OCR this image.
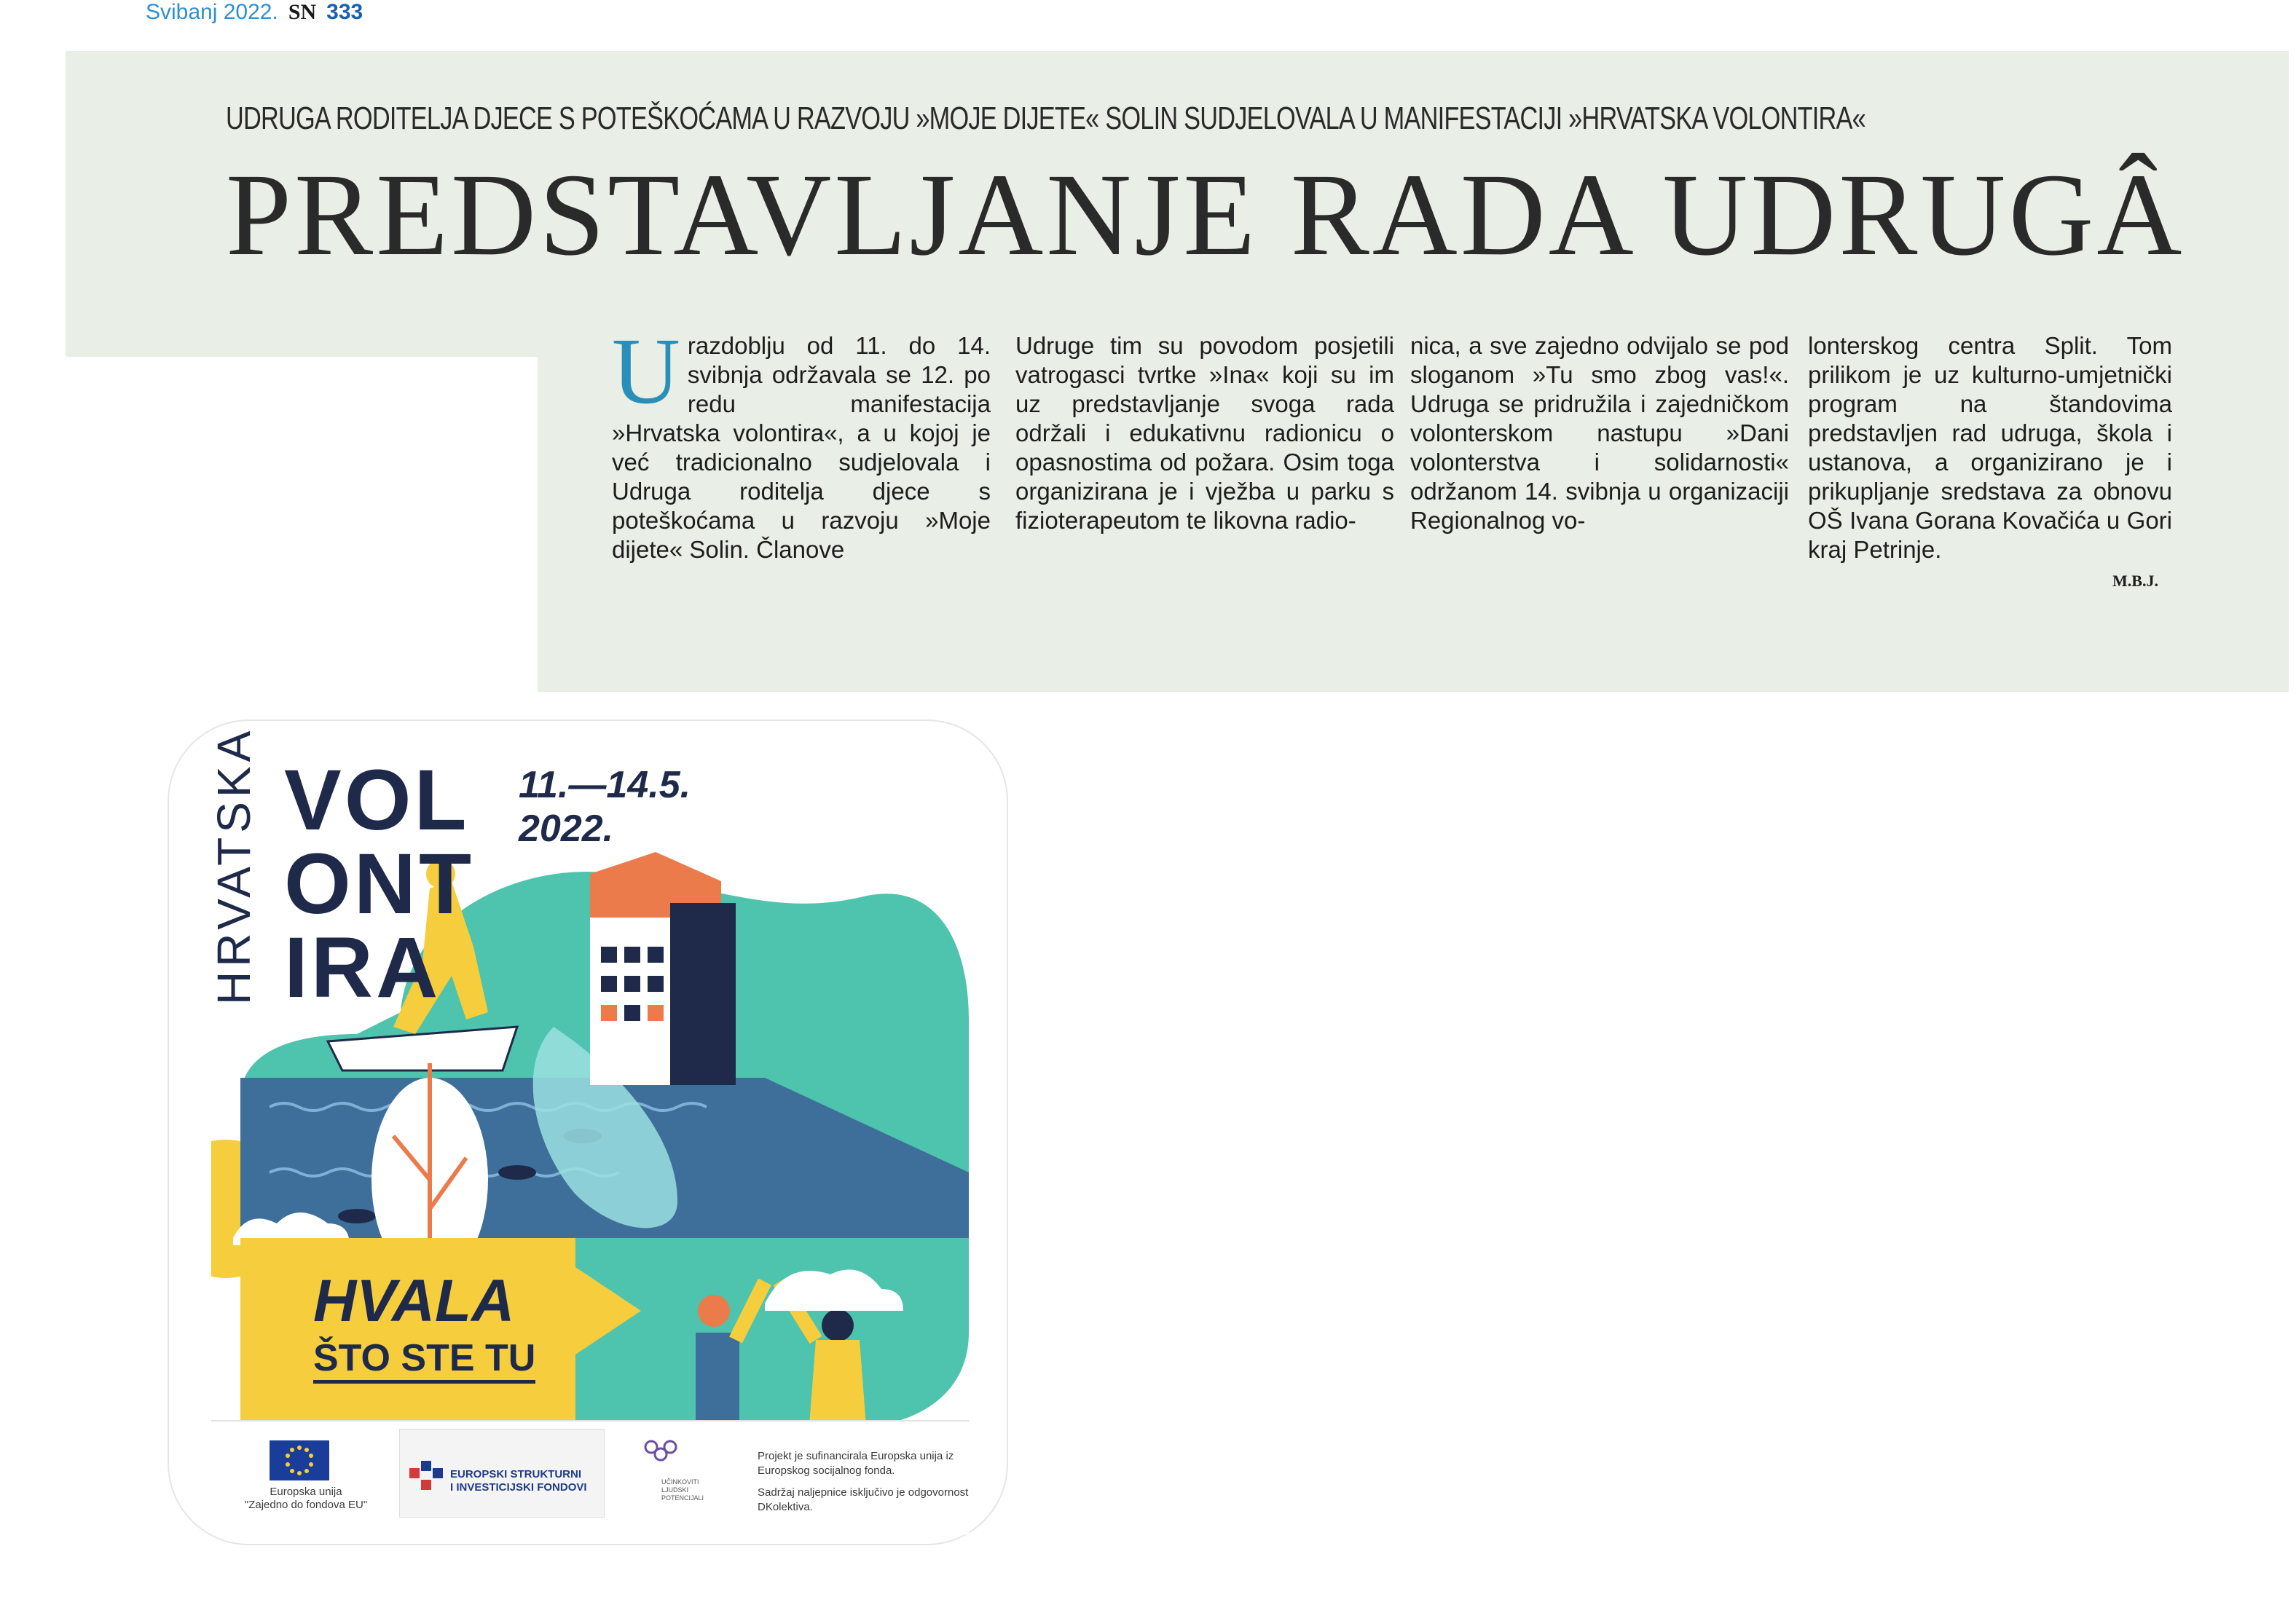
Svibanj 2022. SN 333
UDRUGA RODITELJA DJECE S POTEŠKOĆAMA U RAZVOJU »MOJE DIJETE« SOLIN SUDJELOVALA U MANIFESTACIJI »HRVATSKA VOLONTIRA«
PREDSTAVLJANJE RADA UDRUGÂ
U razdoblju od 11. do 14. svibnja održavala se 12. po redu manifestacija »Hrvatska volontira«, a u kojoj je već tradicionalno sudjelovala i Udruga roditelja djece s poteškoćama u razvoju »Moje dijete« Solin. Članove
Udruge tim su povodom posjetili vatrogasci tvrtke »Ina« koji su im uz predstavljanje svoga rada održali i edukativnu radionicu o opasnostima od požara. Osim toga organizirana je i vježba u parku s fizioterapeutom te likovna radio-
nica, a sve zajedno odvijalo se pod sloganom »Tu smo zbog vas!«. Udruga se pridružila i zajedničkom volonterskom nastupu »Dani volonterstva i solidarnosti« održanom 14. svibnja u organizaciji Regionalnog vo-
lonterskog centra Split. Tom prilikom je uz kulturno-umjetnički program na štandovima predstavljen rad udruga, škola i ustanova, a organizirano je i prikupljanje sredstava za obnovu OŠ Ivana Gorana Kovačića u Gori kraj Petrinje.
M.B.J.
HRVATSKA VOL
ONT
IRA
11.—14.5.
2022.
HVALA
ŠTO STE TU
Europska unija
"Zajedno do fondova EU"
EUROPSKI STRUKTURNI
I INVESTICIJSKI FONDOVI	UČINKOVITI LJUDSKI POTENCIJALI
Projekt je sufinancirala Europska unija iz Europskog socijalnog fonda.
Sadržaj naljepnice isključivo je odgovornost DKolektiva.
